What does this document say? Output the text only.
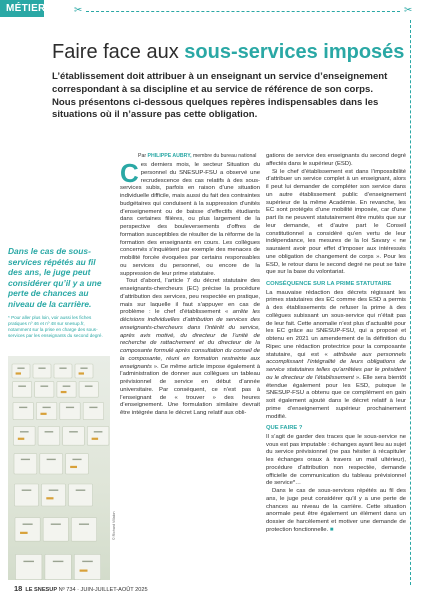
MÉTIER	✂	✂
Faire face aux sous-services imposés

L’établissement doit attribuer à un enseignant un service d’enseignement correspondant à sa discipline et au service de référence de son corps. Nous présentons ci-dessous quelques repères indispensables dans les situations où il n’assure pas cette obligation.

Par PHILIPPE AUBRY, membre du bureau national
Dans le cas de sous-services répétés au fil des ans, le juge peut considérer qu’il y a une perte de chances au niveau de la carrière.
* Pour aller plus loin, voir aussi les fiches pratiques nº 46 et nº 48 sur snesup.fr, notamment sur la prise en charge des sous-services par les enseignants du second degré.
© Richard Villalon

Ces derniers mois, le secteur Situation du personnel du SNESUP-FSU a observé une recrudescence des cas relatifs à des sous-services subis, parfois en raison d’une situation individuelle difficile, mais aussi du fait des contraintes budgétaires qui conduisent à la suppression d’unités d’enseignement ou de baisse d’effectifs étudiants dans certaines filières, ou plus largement de la perspective des bouleversements d’offres de formation susceptibles de résulter de la réforme de la formation des enseignants en cours. Les collègues concernés s’inquiètent par exemple des menaces de mobilité forcée évoquées par certains responsables ou services du personnel, ou encore de la suppression de leur prime statutaire.

Tout d’abord, l’article 7 du décret statutaire des enseignants-chercheurs (EC) précise la procédure d’attribution des services, peu respectée en pratique, mais sur laquelle il faut s’appuyer en cas de problème : le chef d’établissement « arrête les décisions individuelles d’attribution de services des enseignants-chercheurs dans l’intérêt du service, après avis motivé, du directeur de l’unité de recherche de rattachement et du directeur de la composante formulé après consultation du conseil de la composante, réuni en formation restreinte aux enseignants ». Ce même article impose également à l’administration de donner aux collègues un tableau prévisionnel de service en début d’année universitaire. Par conséquent, ce n’est pas à l’enseignant de « trouver » des heures d’enseignement. Une formulation similaire devrait être intégrée dans le décret Lang relatif aux obli-

gations de service des enseignants du second degré affectés dans le supérieur (ESD).

Si le chef d’établissement est dans l’impossibilité d’attribuer un service complet à un enseignant, alors il peut lui demander de compléter son service dans un autre établissement public d’enseignement supérieur de la même Académie. En revanche, les EC sont protégés d’une mobilité imposée, car d’une part ils ne peuvent statutairement être mutés que sur leur demande, et d’autre part le Conseil constitutionnel a considéré qu’en vertu de leur indépendance, les mesures de la loi Savary « ne sauraient avoir pour effet d’imposer aux intéressés une obligation de changement de corps ». Pour les ESD, le retour dans le second degré ne peut se faire que sur la base du volontariat.

CONSÉQUENCE SUR LA PRIME STATUTAIRE

La mauvaise rédaction des décrets régissant les primes statutaires des EC comme des ESD a permis à des établissements de refuser la prime à des collègues subissant un sous-service qui n’était pas de leur fait. Cette anomalie n’est plus d’actualité pour les EC grâce au SNESUP-FSU, qui a proposé et obtenu en 2021 un amendement de la définition du Ripec une rédaction protectrice pour la composante statutaire, qui est « attribuée aux personnels accomplissant l’intégralité de leurs obligations de service statutaires telles qu’arrêtées par le président ou le directeur de l’établissement ». Elle sera bientôt étendue également pour les ESD, puisque le SNESUP-FSU a obtenu que ce complément en gain soit également ajouté dans le décret relatif à leur prime d’enseignement supérieur prochainement modifié.

QUE FAIRE ?

Il s’agit de garder des traces que le sous-service ne vous est pas imputable : échanges ayant lieu au sujet du service prévisionnel (ne pas hésiter à récapituler les échanges oraux à travers un mail ultérieur), procédure d’attribution non respectée, demande officielle de communication du tableau prévisionnel de service*…

Dans le cas de sous-services répétés au fil des ans, le juge peut considérer qu’il y a une perte de chances au niveau de la carrière. Cette situation anormale peut être également un élément dans un dossier de harcèlement et motiver une demande de protection fonctionnelle. ■

18 LE SNESUP Nº 734 · JUIN-JUILLET-AOÛT 2025
